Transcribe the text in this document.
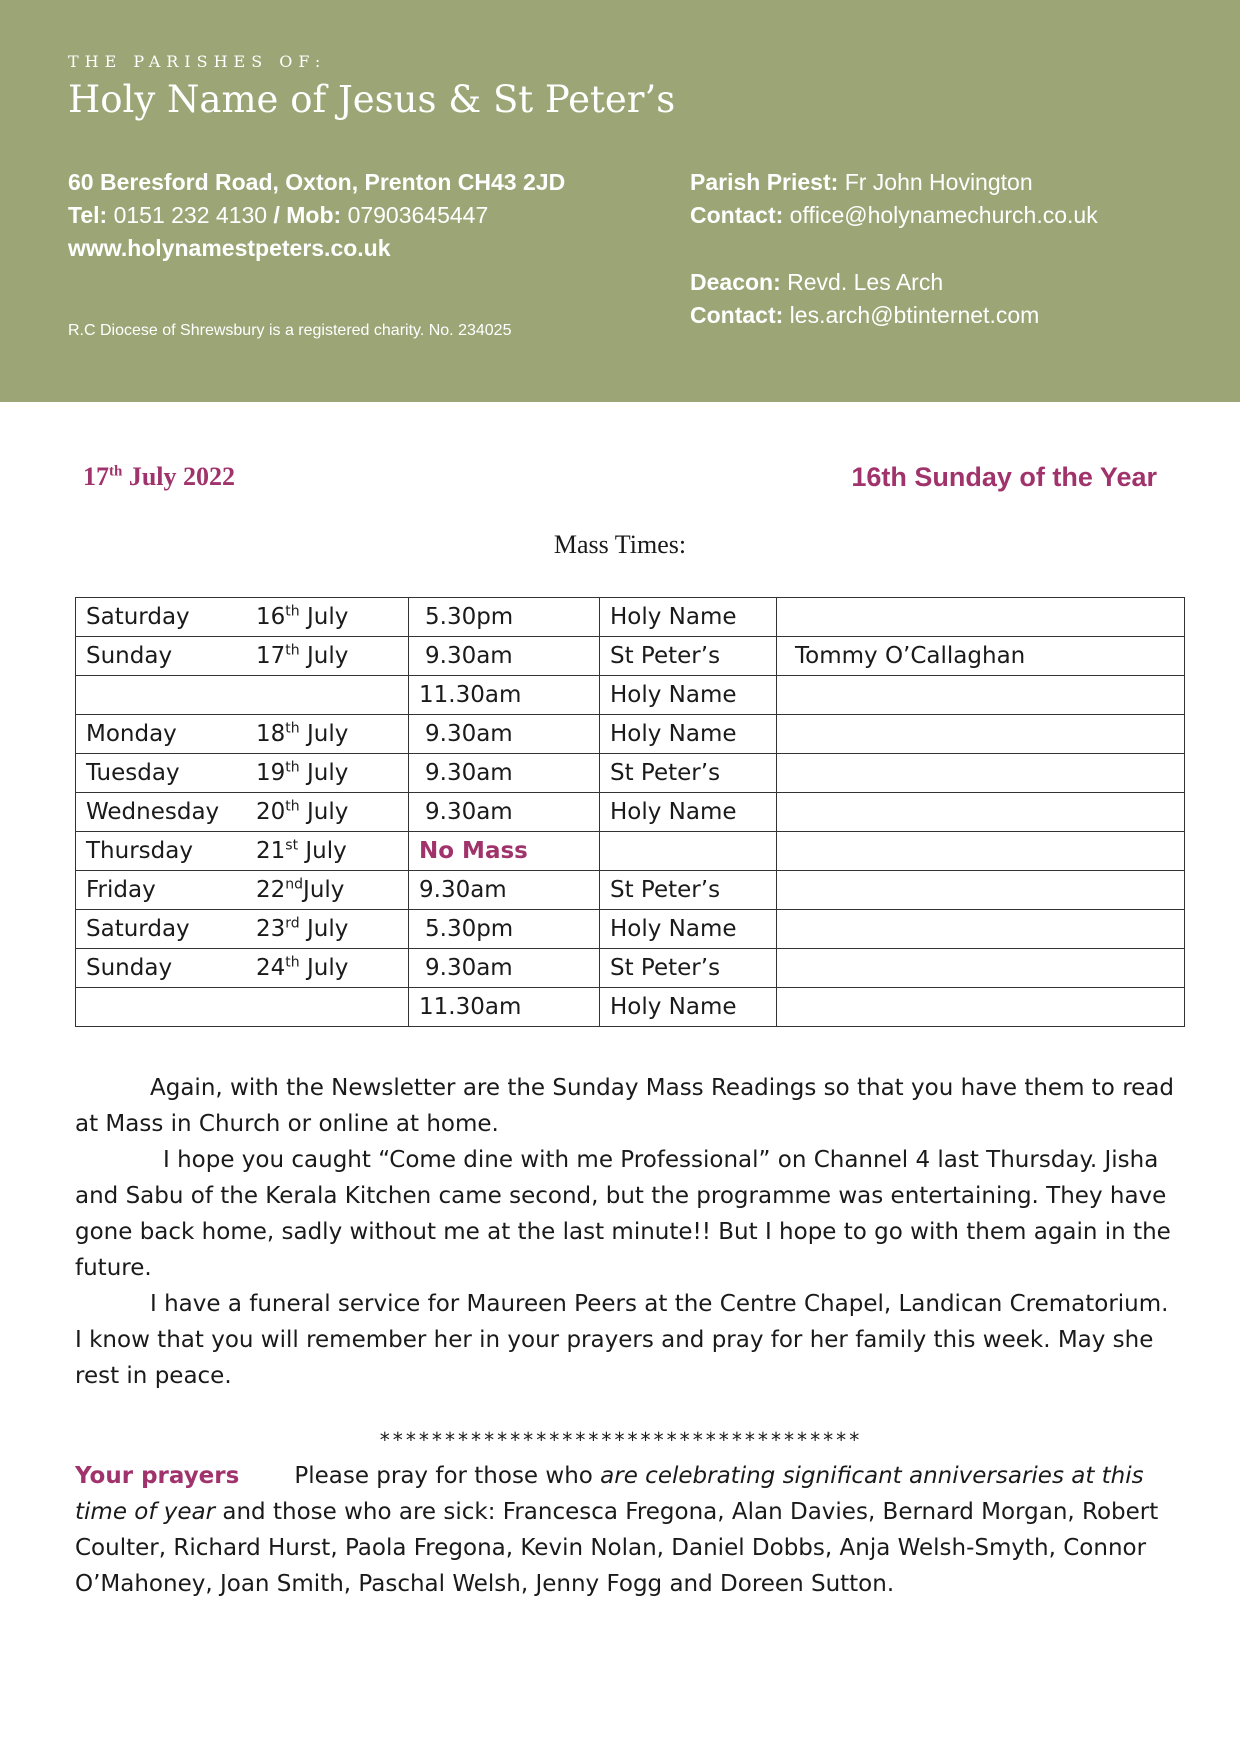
THE PARISHES OF:
Holy Name of Jesus & St Peter’s
60 Beresford Road, Oxton, Prenton CH43 2JD
Tel: 0151 232 4130 / Mob: 07903645447
www.holynamestpeters.co.uk
R.C Diocese of Shrewsbury is a registered charity. No. 234025
Parish Priest: Fr John Hovington
Contact: office@holynamechurch.co.uk
Deacon: Revd. Les Arch
Contact: les.arch@btinternet.com
17th July 2022	16th Sunday of the Year
Mass Times:
Saturday 16th July	5.30pm	Holy Name	
Sunday 17th July	9.30am	St Peter’s	Tommy O’Callaghan
	11.30am	Holy Name	
Monday 18th July	9.30am	Holy Name	
Tuesday 19th July	9.30am	St Peter’s	
Wednesday 20th July	9.30am	Holy Name	
Thursday 21st July	No Mass		
Friday 22ndJuly	9.30am	St Peter’s	
Saturday 23rd July	5.30pm	Holy Name	
Sunday 24th July	9.30am	St Peter’s	
	11.30am	Holy Name	

Again, with the Newsletter are the Sunday Mass Readings so that you have them to read at Mass in Church or online at home.

I hope you caught “Come dine with me Professional” on Channel 4 last Thursday. Jisha and Sabu of the Kerala Kitchen came second, but the programme was entertaining. They have gone back home, sadly without me at the last minute!! But I hope to go with them again in the future.

I have a funeral service for Maureen Peers at the Centre Chapel, Landican Crematorium. I know that you will remember her in your prayers and pray for her family this week. May she rest in peace.

*************************************
Your prayers Please pray for those who are celebrating significant anniversaries at this time of year and those who are sick: Francesca Fregona, Alan Davies, Bernard Morgan, Robert Coulter, Richard Hurst, Paola Fregona, Kevin Nolan, Daniel Dobbs, Anja Welsh-Smyth, Connor O’Mahoney, Joan Smith, Paschal Welsh, Jenny Fogg and Doreen Sutton.
